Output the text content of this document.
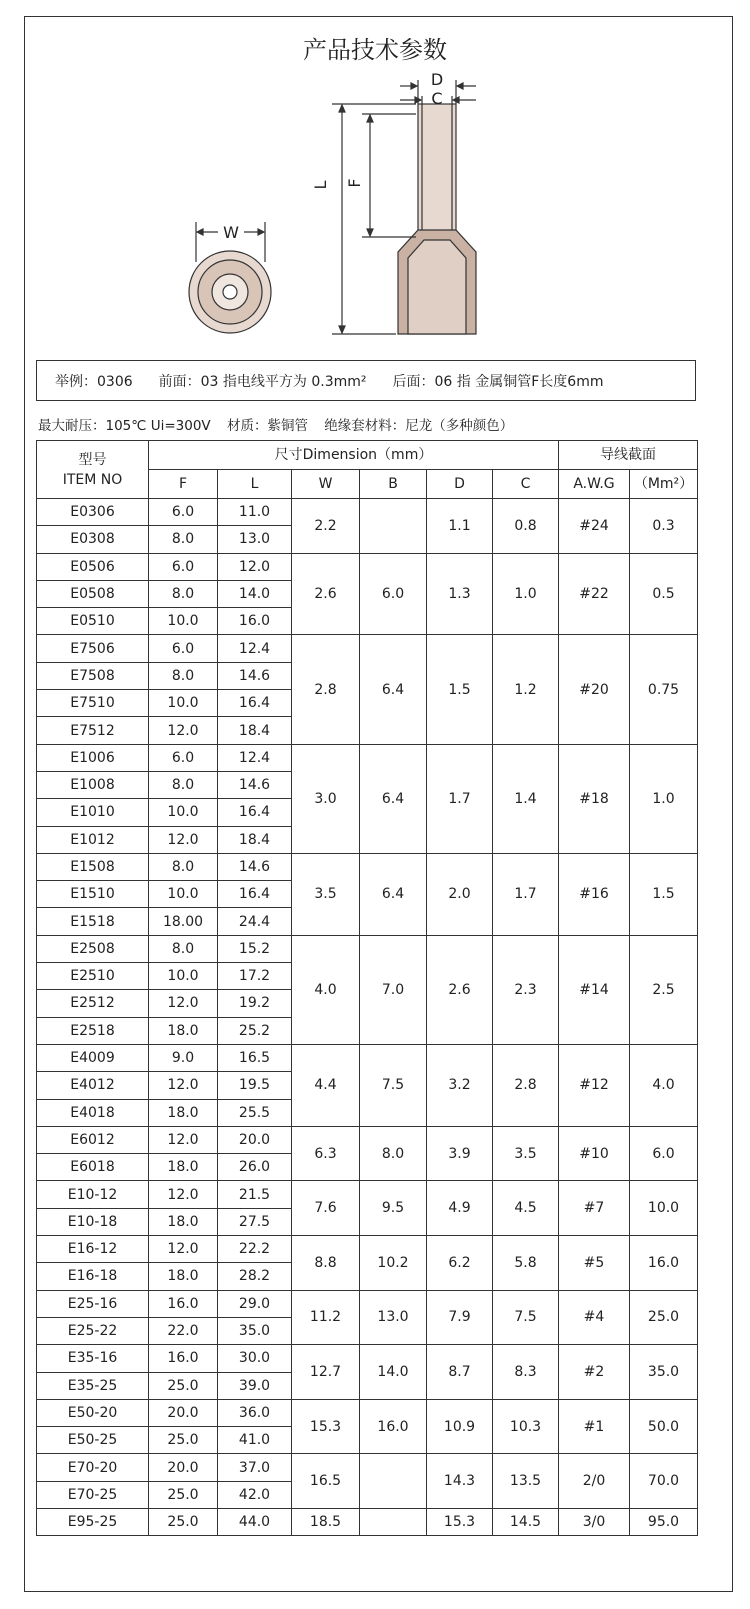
产品技术参数
W
D
C
L F
举例：0306 前面：03 指电线平方为 0.3mm² 后面：06 指 金属铜管F长度6mm
最大耐压：105℃ Ui=300V 材质：紫铜管 绝缘套材料：尼龙（多种颜色）
型号
ITEM NO	尺寸Dimension（mm）						导线截面	
	F	L	W	B	D	C	A.W.G	（Mm²）
E0306	6.0	11.0	2.2		1.1	0.8	#24	0.3
E0308	8.0	13.0						
E0506	6.0	12.0	2.6	6.0	1.3	1.0	#22	0.5
E0508	8.0	14.0						
E0510	10.0	16.0						
E7506	6.0	12.4	2.8	6.4	1.5	1.2	#20	0.75
E7508	8.0	14.6						
E7510	10.0	16.4						
E7512	12.0	18.4						
E1006	6.0	12.4	3.0	6.4	1.7	1.4	#18	1.0
E1008	8.0	14.6						
E1010	10.0	16.4						
E1012	12.0	18.4						
E1508	8.0	14.6	3.5	6.4	2.0	1.7	#16	1.5
E1510	10.0	16.4						
E1518	18.00	24.4						
E2508	8.0	15.2	4.0	7.0	2.6	2.3	#14	2.5
E2510	10.0	17.2						
E2512	12.0	19.2						
E2518	18.0	25.2						
E4009	9.0	16.5	4.4	7.5	3.2	2.8	#12	4.0
E4012	12.0	19.5						
E4018	18.0	25.5						
E6012	12.0	20.0	6.3	8.0	3.9	3.5	#10	6.0
E6018	18.0	26.0						
E10-12	12.0	21.5	7.6	9.5	4.9	4.5	#7	10.0
E10-18	18.0	27.5						
E16-12	12.0	22.2	8.8	10.2	6.2	5.8	#5	16.0
E16-18	18.0	28.2						
E25-16	16.0	29.0	11.2	13.0	7.9	7.5	#4	25.0
E25-22	22.0	35.0						
E35-16	16.0	30.0	12.7	14.0	8.7	8.3	#2	35.0
E35-25	25.0	39.0						
E50-20	20.0	36.0	15.3	16.0	10.9	10.3	#1	50.0
E50-25	25.0	41.0						
E70-20	20.0	37.0	16.5		14.3	13.5	2/0	70.0
E70-25	25.0	42.0						
E95-25	25.0	44.0	18.5		15.3	14.5	3/0	95.0
